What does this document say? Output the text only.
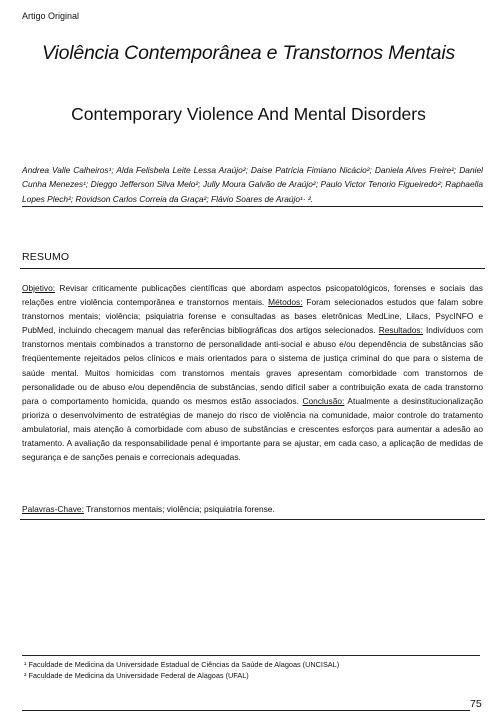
Artigo Original
Violência Contemporânea e Transtornos Mentais
Contemporary Violence And Mental Disorders
Andrea Valle Calheiros¹; Alda Felisbela Leite Lessa Araújo²; Daise Patrícia Fimiano Nicácio²; Daniela Alves Freire²; Daniel Cunha Menezes¹; Dieggo Jefferson Silva Melo²; Jully Moura Galvão de Araújo²; Paulo Victor Tenorio Figueiredo²; Raphaella Lopes Plech²; Rovidson Carlos Correia da Graça²; Flávio Soares de Araújo¹· ².
RESUMO
Objetivo: Revisar criticamente publicações científicas que abordam aspectos psicopatológicos, forenses e sociais das relações entre violência contemporânea e transtornos mentais. Métodos: Foram selecionados estudos que falam sobre transtornos mentais; violência; psiquiatria forense e consultadas as bases eletrônicas MedLine, Lilacs, PsycINFO e PubMed, incluindo checagem manual das referências bibliográficas dos artigos selecionados. Resultados: Indivíduos com transtornos mentais combinados a transtorno de personalidade anti-social e abuso e/ou dependência de substâncias são freqüentemente rejeitados pelos clínicos e mais orientados para o sistema de justiça criminal do que para o sistema de saúde mental. Muitos homicidas com transtornos mentais graves apresentam comorbidade com transtornos de personalidade ou de abuso e/ou dependência de substâncias, sendo difícil saber a contribuição exata de cada transtorno para o comportamento homicida, quando os mesmos estão associados. Conclusão: Atualmente a desinstitucionalização prioriza o desenvolvimento de estratégias de manejo do risco de violência na comunidade, maior controle do tratamento ambulatorial, mais atenção à comorbidade com abuso de substâncias e crescentes esforços para aumentar a adesão ao tratamento. A avaliação da responsabilidade penal é importante para se ajustar, em cada caso, a aplicação de medidas de segurança e de sanções penais e correcionais adequadas.
Palavras-Chave: Transtornos mentais; violência; psiquiatria forense.
¹ Faculdade de Medicina da Universidade Estadual de Ciências da Saúde de Alagoas (UNCISAL)
² Faculdade de Medicina da Universidade Federal de Alagoas (UFAL)
75
